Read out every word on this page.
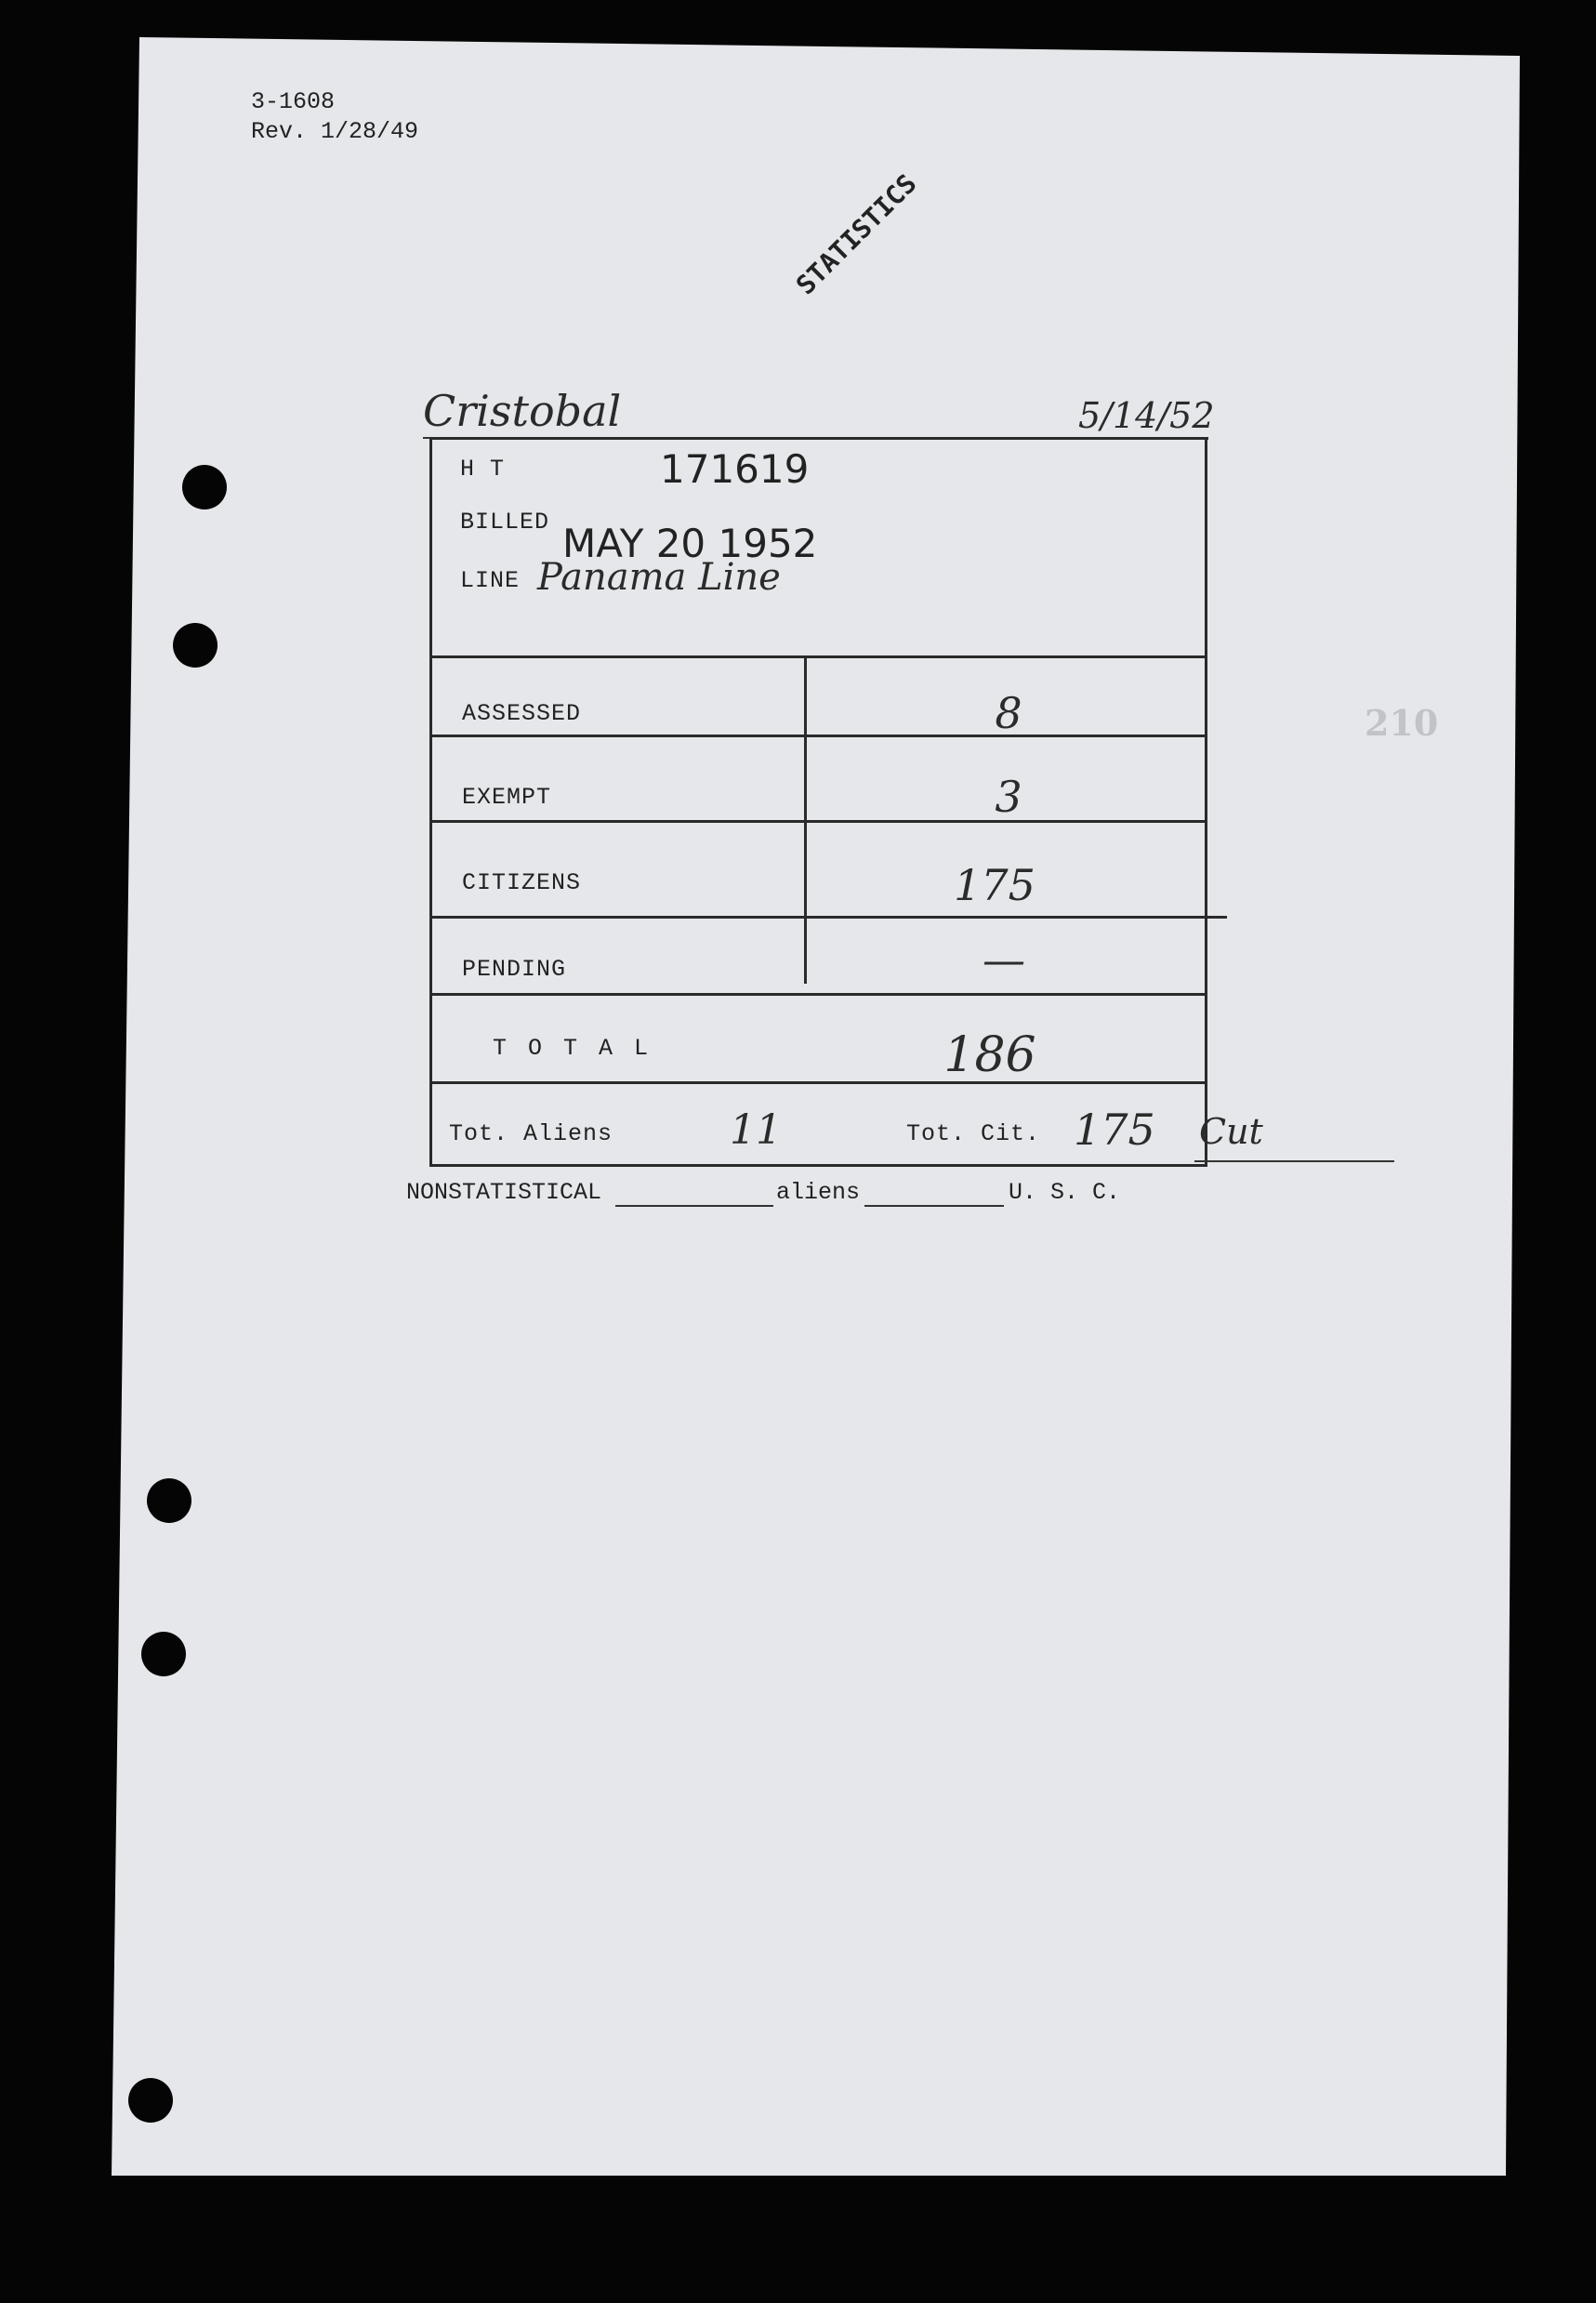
3-1608
Rev. 1/28/49
STATISTICS
210
Cristobal	5/14/52
H T	171619
BILLED MAY 20 1952
LINE Panama Line
ASSESSED	8
EXEMPT	3
CITIZENS	175
PENDING	—
T O T A L	186
Tot. Aliens	11	Tot. Cit. 175 Cut
NONSTATISTICAL	aliens	U. S. C.
